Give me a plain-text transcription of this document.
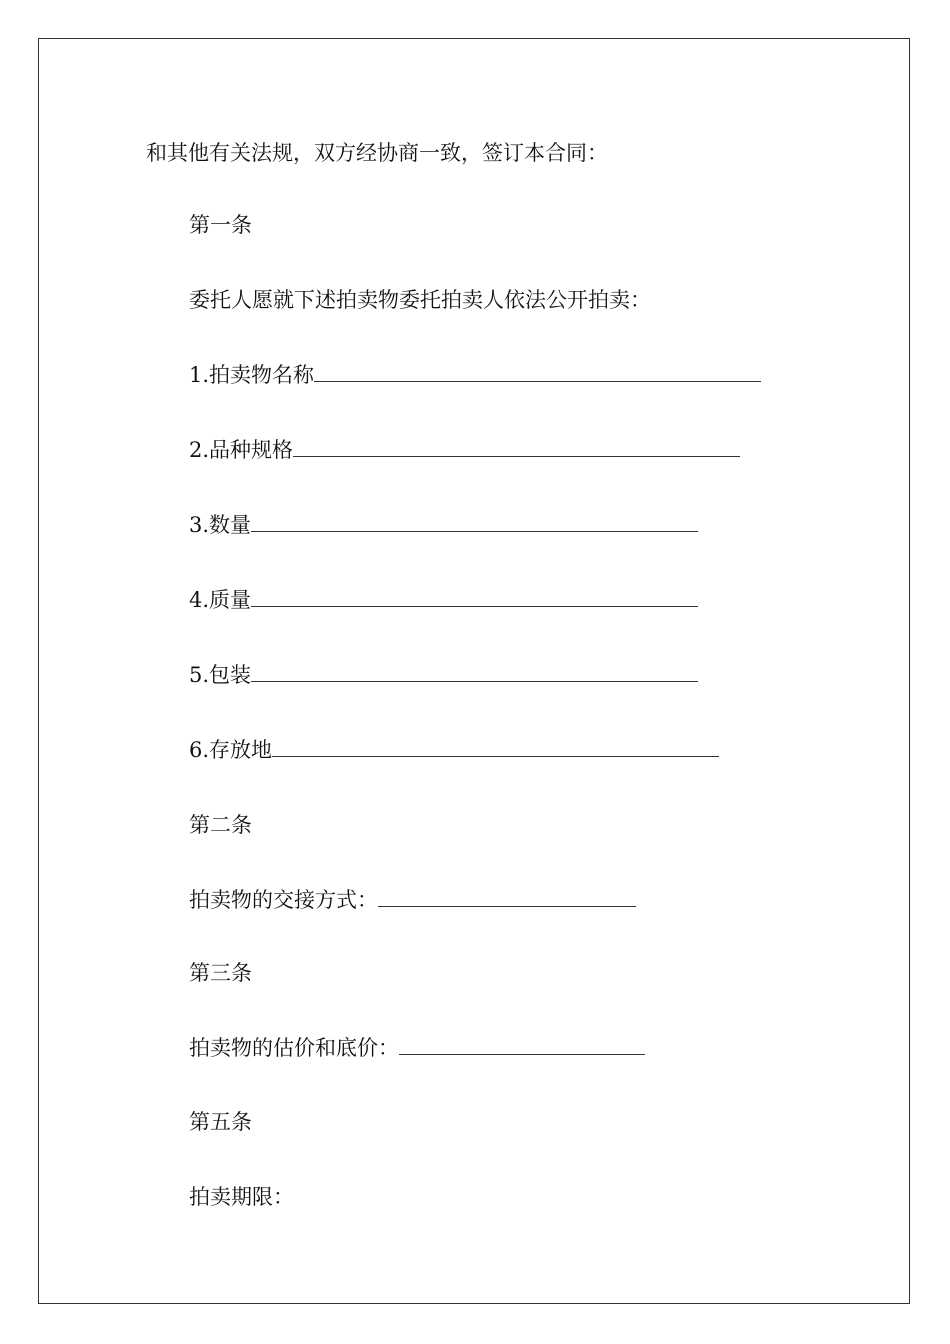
和其他有关法规，双方经协商一致，签订本合同：
第一条
委托人愿就下述拍卖物委托拍卖人依法公开拍卖：
1.拍卖物名称
2.品种规格
3.数量
4.质量
5.包装
6.存放地
第二条
拍卖物的交接方式：
第三条
拍卖物的估价和底价：
第五条
拍卖期限：
